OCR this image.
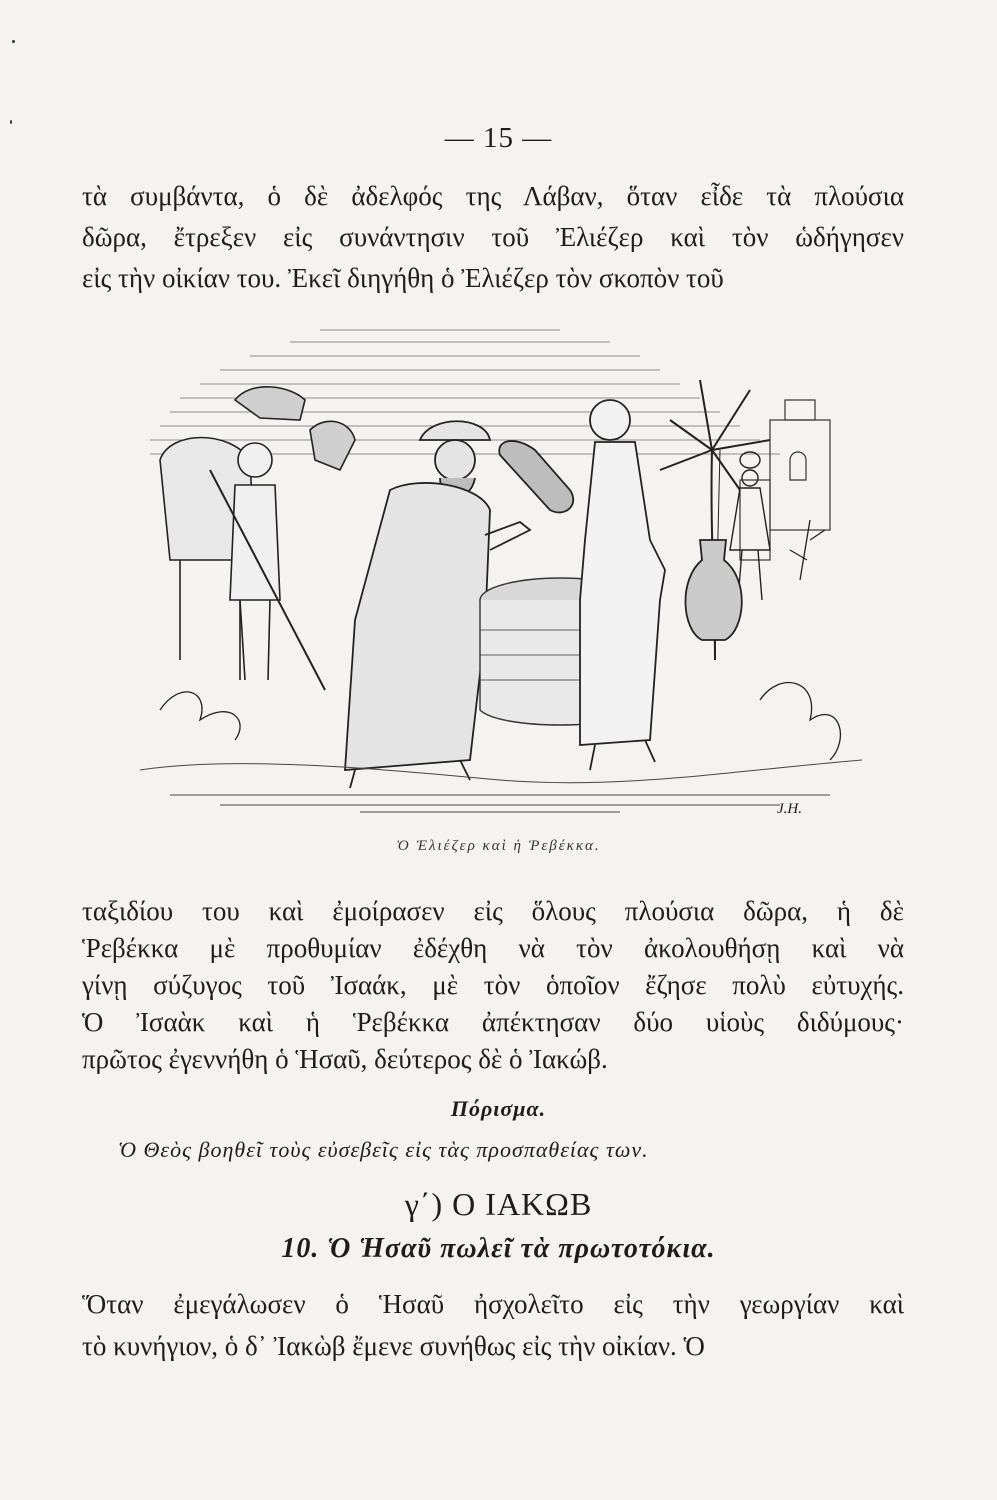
— 15 —
τὰ συμβάντα, ὁ δὲ ἀδελφός της Λάβαν, ὅταν εἶδε τὰ πλούσια
δῶρα, ἔτρεξεν εἰς συνάντησιν τοῦ Ἐλιέζερ καὶ τὸν ὡδήγησεν
εἰς τὴν οἰκίαν του. Ἐκεῖ διηγήθη ὁ Ἐλιέζερ τὸν σκοπὸν τοῦ
J.H.
Ὁ Ἐλιέζερ καὶ ἡ Ῥεβέκκα.
ταξιδίου του καὶ ἐμοίρασεν εἰς ὅλους πλούσια δῶρα, ἡ δὲ
Ῥεβέκκα μὲ προθυμίαν ἐδέχθη νὰ τὸν ἀκολουθήσῃ καὶ νὰ
γίνῃ σύζυγος τοῦ Ἰσαάκ, μὲ τὸν ὁποῖον ἔζησε πολὺ εὐτυχής.
Ὁ Ἰσαὰκ καὶ ἡ Ῥεβέκκα ἀπέκτησαν δύο υἱοὺς διδύμους·
πρῶτος ἐγεννήθη ὁ Ἡσαῦ, δεύτερος δὲ ὁ Ἰακώβ.
Πόρισμα.
Ὁ Θεὸς βοηθεῖ τοὺς εὐσεβεῖς εἰς τὰς προσπαθείας των.
γ΄) Ο ΙΑΚΩΒ
10. Ὁ Ἡσαῦ πωλεῖ τὰ πρωτοτόκια.
Ὅταν ἐμεγάλωσεν ὁ Ἡσαῦ ἠσχολεῖτο εἰς τὴν γεωργίαν καὶ
τὸ κυνήγιον, ὁ δ᾽ Ἰακὼβ ἔμενε συνήθως εἰς τὴν οἰκίαν. Ὁ
